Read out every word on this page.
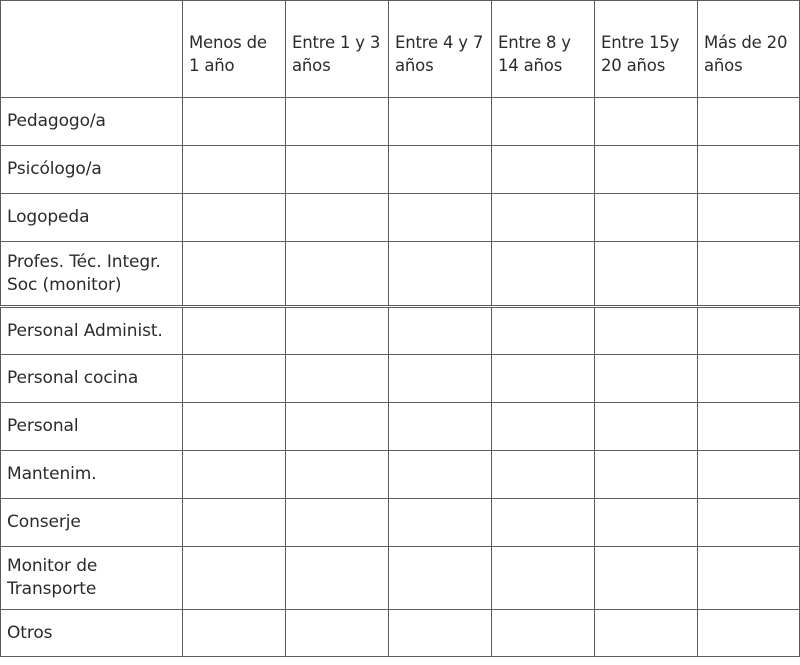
	Menos de 1 año	Entre 1 y 3 años	Entre 4 y 7 años	Entre 8 y 14 años	Entre 15y 20 años	Más de 20 años
Pedagogo/a						
Psicólogo/a						
Logopeda						
Profes. Téc. Integr. Soc (monitor)						
Personal Administ.						
Personal cocina						
Personal						
Mantenim.						
Conserje						
Monitor de Transporte						
Otros						
